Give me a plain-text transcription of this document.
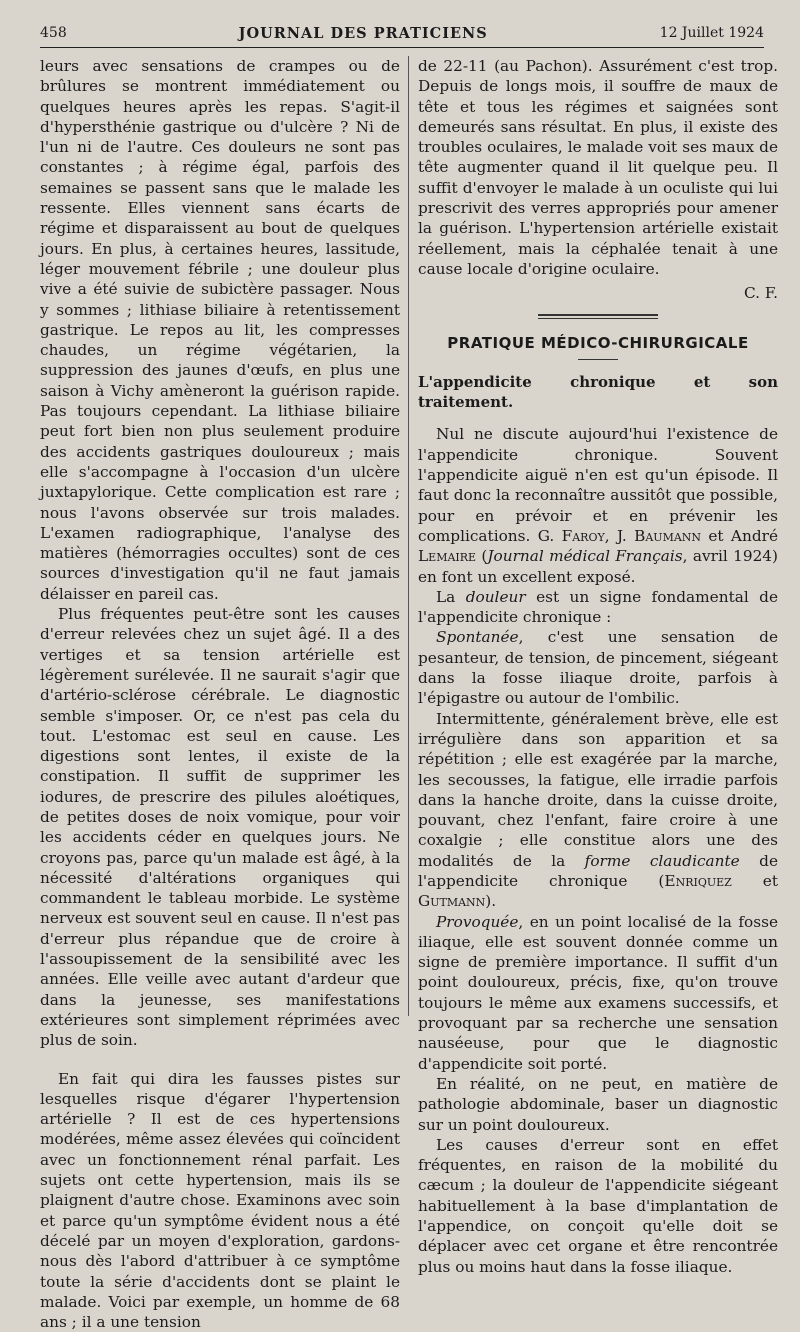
458	JOURNAL DES PRATICIENS	12 Juillet 1924

leurs avec sensations de crampes ou de brûlures se montrent immédiatement ou quelques heures après les repas. S'agit-il d'hypersthénie gastrique ou d'ulcère ? Ni de l'un ni de l'autre. Ces douleurs ne sont pas constantes ; à régime égal, parfois des semaines se passent sans que le malade les ressente. Elles viennent sans écarts de régime et disparaissent au bout de quelques jours. En plus, à certaines heures, lassitude, léger mouvement fébrile ; une douleur plus vive a été suivie de subictère passager. Nous y sommes ; lithiase biliaire à retentissement gastrique. Le repos au lit, les compresses chaudes, un régime végétarien, la suppression des jaunes d'œufs, en plus une saison à Vichy amèneront la guérison rapide. Pas toujours cependant. La lithiase biliaire peut fort bien non plus seulement produire des accidents gastriques douloureux ; mais elle s'accompagne à l'occasion d'un ulcère juxtapylorique. Cette complication est rare ; nous l'avons observée sur trois malades. L'examen radiographique, l'analyse des matières (hémorragies occultes) sont de ces sources d'investigation qu'il ne faut jamais délaisser en pareil cas.

Plus fréquentes peut-être sont les causes d'erreur relevées chez un sujet âgé. Il a des vertiges et sa tension artérielle est légèrement surélevée. Il ne saurait s'agir que d'artério-sclérose cérébrale. Le diagnostic semble s'imposer. Or, ce n'est pas cela du tout. L'estomac est seul en cause. Les digestions sont lentes, il existe de la constipation. Il suffit de supprimer les iodures, de prescrire des pilules aloétiques, de petites doses de noix vomique, pour voir les accidents céder en quelques jours. Ne croyons pas, parce qu'un malade est âgé, à la nécessité d'altérations organiques qui commandent le tableau morbide. Le système nerveux est souvent seul en cause. Il n'est pas d'erreur plus répandue que de croire à l'assoupissement de la sensibilité avec les années. Elle veille avec autant d'ardeur que dans la jeunesse, ses manifestations extérieures sont simplement réprimées avec plus de soin.

En fait qui dira les fausses pistes sur lesquelles risque d'égarer l'hypertension artérielle ? Il est de ces hypertensions modérées, même assez élevées qui coïncident avec un fonctionnement rénal parfait. Les sujets ont cette hypertension, mais ils se plaignent d'autre chose. Examinons avec soin et parce qu'un symptôme évident nous a été décelé par un moyen d'exploration, gardons-nous dès l'abord d'attribuer à ce symptôme toute la série d'accidents dont se plaint le malade. Voici par exemple, un homme de 68 ans ; il a une tension

de 22-11 (au Pachon). Assurément c'est trop. Depuis de longs mois, il souffre de maux de tête et tous les régimes et saignées sont demeurés sans résultat. En plus, il existe des troubles oculaires, le malade voit ses maux de tête augmenter quand il lit quelque peu. Il suffit d'envoyer le malade à un oculiste qui lui prescrivit des verres appropriés pour amener la guérison. L'hypertension artérielle existait réellement, mais la céphalée tenait à une cause locale d'origine oculaire.

C. F.
PRATIQUE MÉDICO-CHIRURGICALE
L'appendicite chronique et son traitement.

Nul ne discute aujourd'hui l'existence de l'appendicite chronique. Souvent l'appendicite aiguë n'en est qu'un épisode. Il faut donc la reconnaître aussitôt que possible, pour en prévoir et en prévenir les complications. G. Faroy, J. Baumann et André Lemaire (Journal médical Français, avril 1924) en font un excellent exposé.

La douleur est un signe fondamental de l'appendicite chronique :

Spontanée, c'est une sensation de pesanteur, de tension, de pincement, siégeant dans la fosse iliaque droite, parfois à l'épigastre ou autour de l'ombilic.

Intermittente, généralement brève, elle est irrégulière dans son apparition et sa répétition ; elle est exagérée par la marche, les secousses, la fatigue, elle irradie parfois dans la hanche droite, dans la cuisse droite, pouvant, chez l'enfant, faire croire à une coxalgie ; elle constitue alors une des modalités de la forme claudicante de l'appendicite chronique (Enriquez et Gutmann).

Provoquée, en un point localisé de la fosse iliaque, elle est souvent donnée comme un signe de première importance. Il suffit d'un point douloureux, précis, fixe, qu'on trouve toujours le même aux examens successifs, et provoquant par sa recherche une sensation nauséeuse, pour que le diagnostic d'appendicite soit porté.

En réalité, on ne peut, en matière de pathologie abdominale, baser un diagnostic sur un point douloureux.

Les causes d'erreur sont en effet fréquentes, en raison de la mobilité du cæcum ; la douleur de l'appendicite siégeant habituellement à la base d'implantation de l'appendice, on conçoit qu'elle doit se déplacer avec cet organe et être rencontrée plus ou moins haut dans la fosse iliaque.
